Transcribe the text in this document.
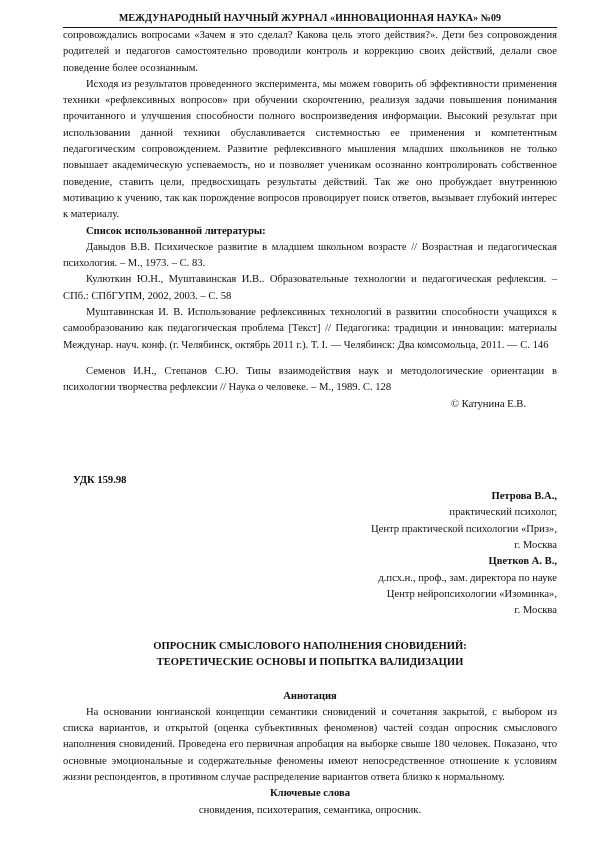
МЕЖДУНАРОДНЫЙ НАУЧНЫЙ ЖУРНАЛ «ИННОВАЦИОННАЯ НАУКА» №09

сопровождались вопросами «Зачем я это сделал? Какова цель этого действия?». Дети без сопровождения родителей и педагогов самостоятельно проводили контроль и коррекцию своих действий, делали свое поведение более осознанным.

Исходя из результатов проведенного эксперимента, мы можем говорить об эффективности применения техники «рефлексивных вопросов» при обучении скорочтению, реализуя задачи повышения понимания прочитанного и улучшения способности полного воспроизведения информации. Высокий результат при использовании данной техники обуславливается системностью ее применения и компетентным педагогическим сопровождением. Развитие рефлексивного мышления младших школьников не только повышает академическую успеваемость, но и позволяет ученикам осознанно контролировать собственное поведение, ставить цели, предвосхищать результаты действий. Так же оно пробуждает внутреннюю мотивацию к учению, так как порождение вопросов провоцирует поиск ответов, вызывает глубокий интерес к материалу.

Список использованной литературы:

Давыдов В.В. Психическое развитие в младшем школьном возрасте // Возрастная и педагогическая психология. – М., 1973. – С. 83.

Кулюткин Ю.Н., Муштавинская И.В.. Образовательные технологии и педагогическая рефлексия. – СПб.: СПбГУПМ, 2002, 2003. – С. 58

Муштавинская И. В. Использование рефлексивных технологий в развитии способности учащихся к самообразованию как педагогическая проблема [Текст] // Педагогика: традиции и инновации: материалы Междунар. науч. конф. (г. Челябинск, октябрь 2011 г.). Т. I. — Челябинск: Два комсомольца, 2011. — С. 146

Семенов И.Н., Степанов С.Ю. Типы взаимодействия наук и методологические ориентации в психологии творчества рефлексии // Наука о человеке. – М., 1989. С. 128

© Катунина Е.В.
УДК 159.98
Петрова В.А.,
практический психолог,
Центр практической психологии «Приз»,
г. Москва
Цветков А. В.,
д.псх.н., проф., зам. директора по науке
Центр нейропсихологии «Изоминка»,
г. Москва
ОПРОСНИК СМЫСЛОВОГО НАПОЛНЕНИЯ СНОВИДЕНИЙ:
ТЕОРЕТИЧЕСКИЕ ОСНОВЫ И ПОПЫТКА ВАЛИДИЗАЦИИ
Аннотация

На основании юнгианской концепции семантики сновидений и сочетания закрытой, с выбором из списка вариантов, и открытой (оценка субъективных феноменов) частей создан опросник смыслового наполнения сновидений. Проведена его первичная апробация на выборке свыше 180 человек. Показано, что основные эмоциональные и содержательные феномены имеют непосредственное отношение к условиям жизни респондентов, в противном случае распределение вариантов ответа близко к нормальному.

Ключевые слова
сновидения, психотерапия, семантика, опросник.
